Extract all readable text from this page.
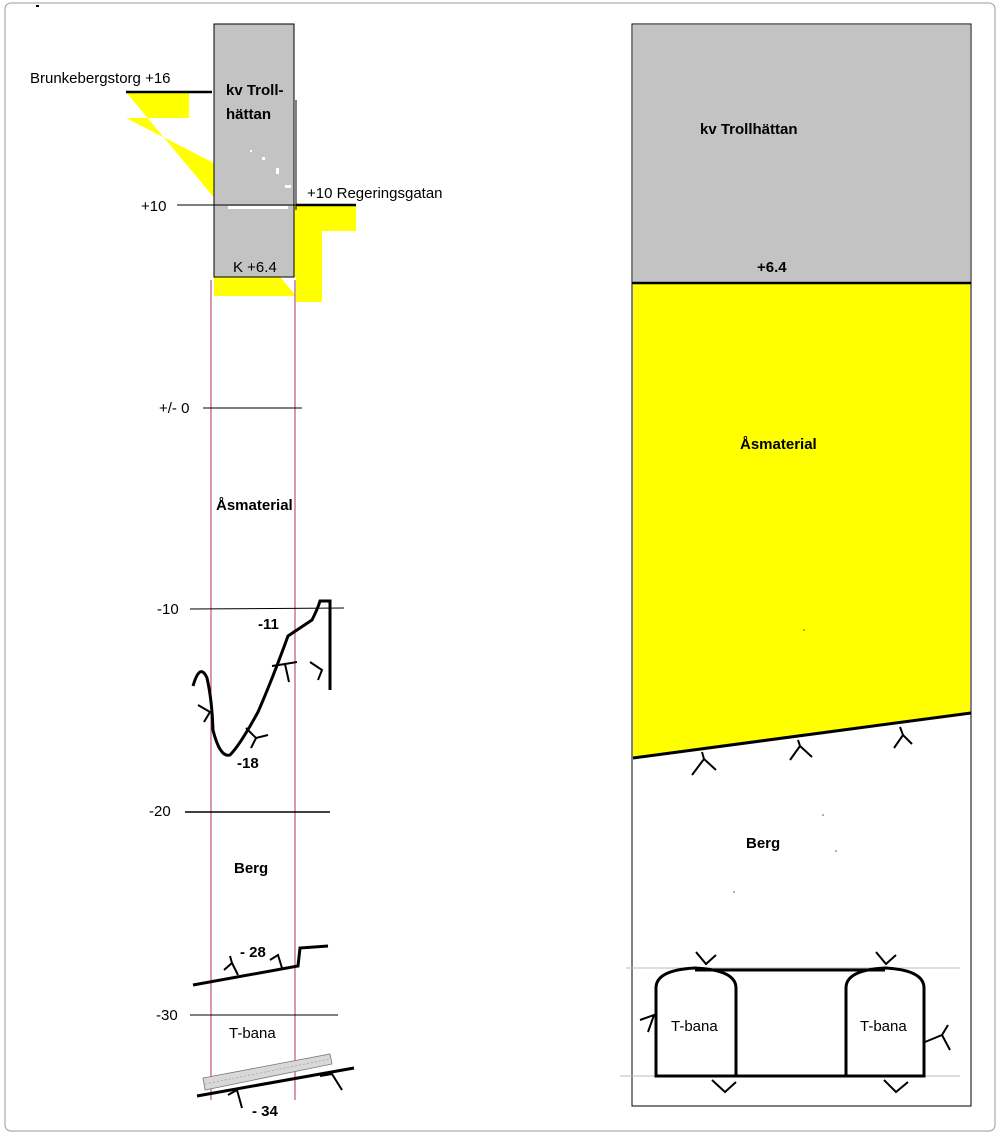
Brunkebergstorg +16
+10 Regeringsgatan
kv Troll-
hättan
K +6.4
+10
+/- 0
-10
-20
-30
Åsmaterial
Berg
-11
-18
- 28
- 34
T-bana
kv Trollhättan
+6.4
Åsmaterial
Berg
T-bana	T-bana
